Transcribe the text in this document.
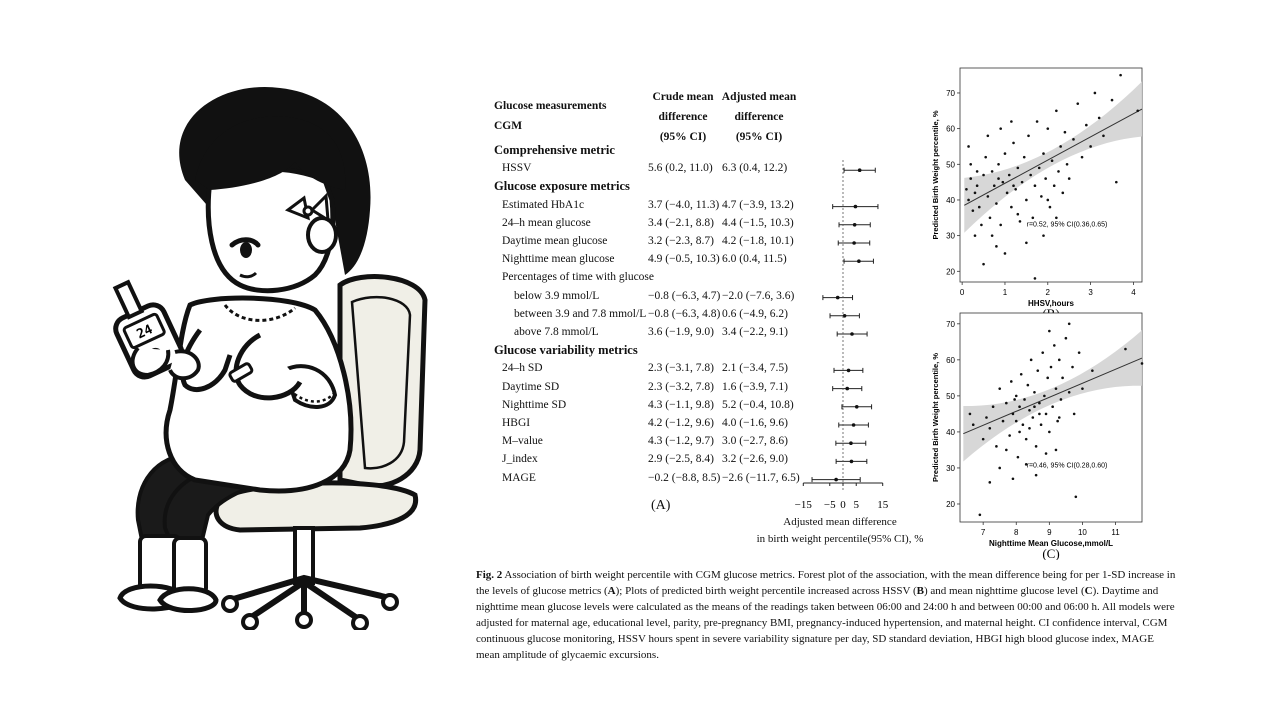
24
Glucose measurements
CGM
Crude mean
difference
(95% CI)
Adjusted mean
difference
(95% CI)
Comprehensive metric
HSSV	5.6 (0.2, 11.0) 6.3 (0.4, 12.2)
Glucose exposure metrics
Estimated HbA1c	3.7 (−4.0, 11.3) 4.7 (−3.9, 13.2)
24–h mean glucose	3.4 (−2.1, 8.8) 4.4 (−1.5, 10.3)
Daytime mean glucose	3.2 (−2.3, 8.7) 4.2 (−1.8, 10.1)
Nighttime mean glucose	4.9 (−0.5, 10.3) 6.0 (0.4, 11.5)
Percentages of time with glucose
below 3.9 mmol/L	−0.8 (−6.3, 4.7) −2.0 (−7.6, 3.6)
between 3.9 and 7.8 mmol/L −0.8 (−6.3, 4.8) 0.6 (−4.9, 6.2)
above 7.8 mmol/L	3.6 (−1.9, 9.0) 3.4 (−2.2, 9.1)
Glucose variability metrics
24–h SD	2.3 (−3.1, 7.8) 2.1 (−3.4, 7.5)
Daytime SD	2.3 (−3.2, 7.8) 1.6 (−3.9, 7.1)
Nighttime SD	4.3 (−1.1, 9.8) 5.2 (−0.4, 10.8)
HBGI	4.2 (−1.2, 9.6) 4.0 (−1.6, 9.6)
M–value	4.3 (−1.2, 9.7) 3.0 (−2.7, 8.6)
J_index	2.9 (−2.5, 8.4) 3.2 (−2.6, 9.0)
MAGE	−0.2 (−8.8, 8.5) −2.6 (−11.7, 6.5)
−15 −5 0 5 15
(A)
Adjusted mean difference
in birth weight percentile(95% CI), %
0	1	2	3	4
20
30
40
50
60
70
HHSV,hours
Predicted Birth Weight percentile, %	r=0.52, 95% CI(0.36,0.65)
7	8	9	10	11
20
30
40
50
60
70
Nighttime Mean Glucose,mmol/L
Predicted Birth Weight percentile, %	r=0.46, 95% CI(0.28,0.60)
(C)
Fig. 2 Association of birth weight percentile with CGM glucose metrics. Forest plot of the association, with the mean difference being for per 1-SD increase in the levels of glucose metrics (A); Plots of predicted birth weight percentile increased across HSSV (B) and mean nighttime glucose level (C). Daytime and nighttime mean glucose levels were calculated as the means of the readings taken between 06:00 and 24:00 h and between 00:00 and 06:00 h. All models were adjusted for maternal age, educational level, parity, pre-pregnancy BMI, pregnancy-induced hypertension, and maternal height. CI confidence interval, CGM continuous glucose monitoring, HSSV hours spent in severe variability signature per day, SD standard deviation, HBGI high blood glucose index, MAGE mean amplitude of glycaemic excursions.
